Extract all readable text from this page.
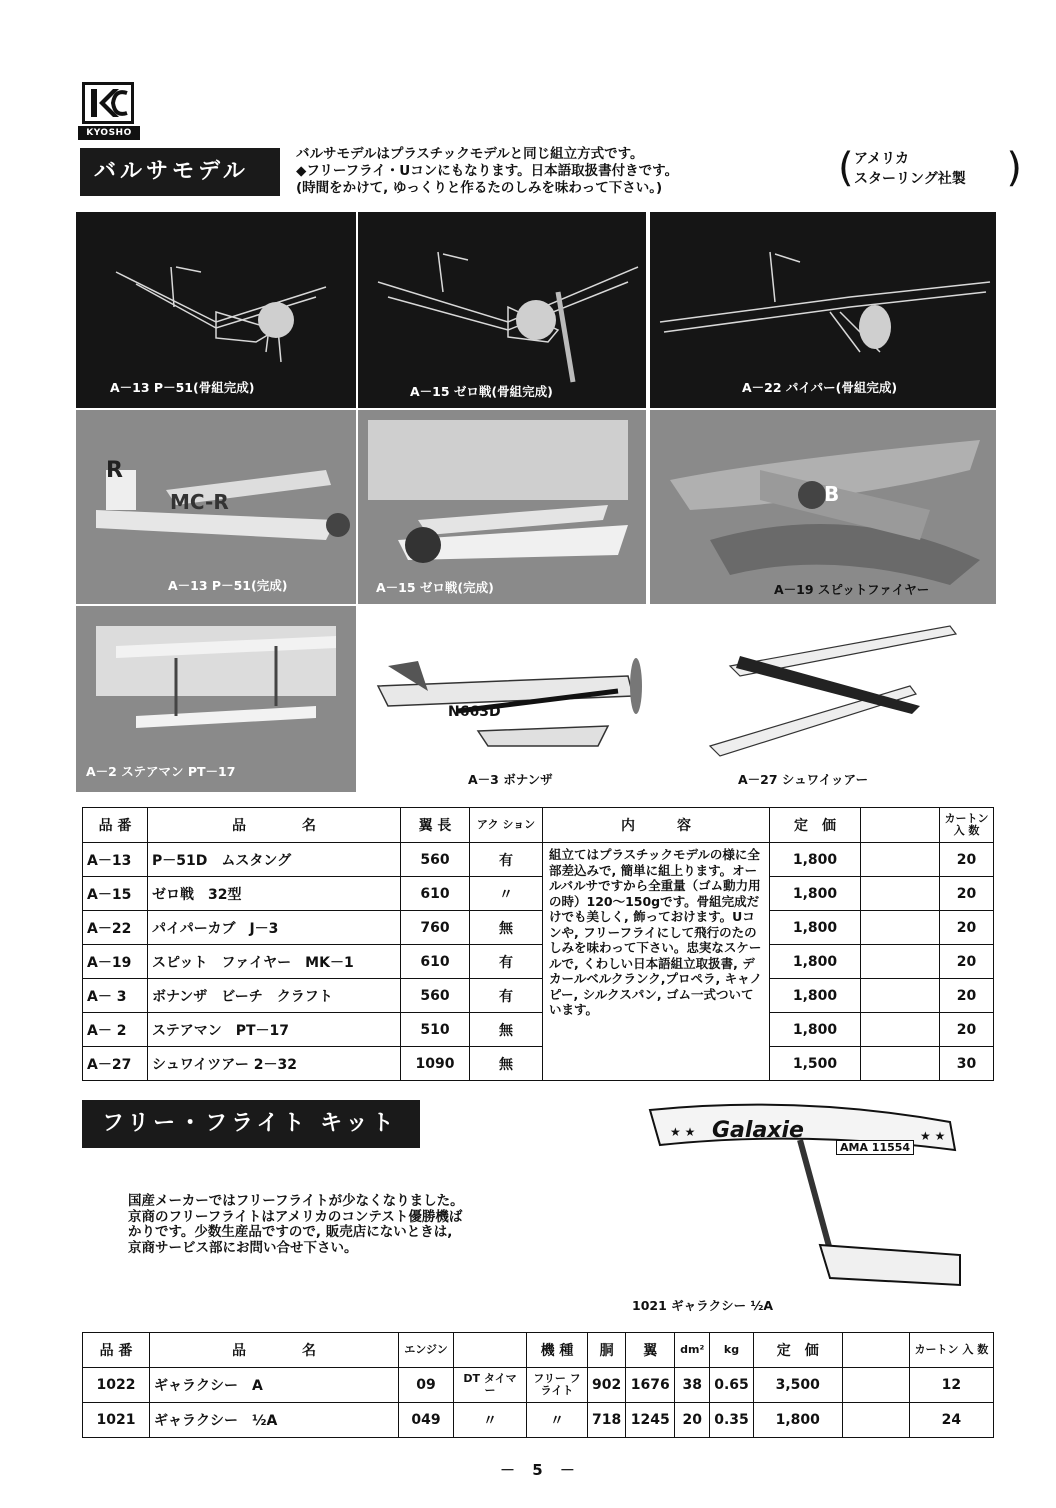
KYOSHO
バルサモデル
バルサモデルはプラスチックモデルと同じ組立方式です。
◆フリーフライ・Uコンにもなります。日本語取扱書付きです。
(時間をかけて, ゆっくりと作るたのしみを味わって下さい。)	( アメリカ
スターリング社製 )
A－13 P－51(骨組完成)	A－15 ゼロ戦(骨組完成)	A－22 パイパー(骨組完成)
R
MC-R
A－13 P－51(完成)	A－15 ゼロ戦(完成)
B
A－19 スピットファイヤー
A－2 ステアマン PT－17
N663D
A－3 ボナンザ	A－27 シュワイッアー
品 番	品　　　　名	翼 長	アク ション	内　　　容	定　価		カートン 入 数
A－13	P－51D　ムスタング	560	有	組立てはプラスチックモデルの様に全部差込みで, 簡単に組上ります。オールバルサですから全重量（ゴム動力用の時）120～150gです。骨組完成だけでも美しく, 飾っておけます。Uコンや, フリーフライにして飛行のたのしみを味わって下さい。忠実なスケールで, くわしい日本語組立取扱書, デカールベルクランク,プロペラ, キャノピー, シルクスパン, ゴム一式ついています。	1,800		20
A－15	ゼロ戦　32型	610	〃		1,800		20
A－22	パイパーカブ　J－3	760	無		1,800		20
A－19	スピット　ファイヤー　MK－1	610	有		1,800		20
A－ 3	ボナンザ　ビーチ　クラフト	560	有		1,800		20
A－ 2	ステアマン　PT－17	510	無		1,800		20
A－27	シュワイツアー 2－32	1090	無		1,500		30
フリー・フライト キット
国産メーカーではフリーフライトが少なくなりました。
京商のフリーフライトはアメリカのコンテスト優勝機ば
かりです。少数生産品ですので, 販売店にないときは,
京商サービス部にお問い合せ下さい。
★ ★	★ ★
Galaxie
AMA 11554
1021 ギャラクシー ½A
品 番	品　　　　名	エンジン		機 種	胴	翼	dm²	kg	定　価		カートン 入 数
1022	ギャラクシー　A	09	DT タイマー	フリー フライト	902	1676	38	0.65	3,500		12
1021	ギャラクシー　½A	049	〃	〃	718	1245	20	0.35	1,800		24
－ 5 －
